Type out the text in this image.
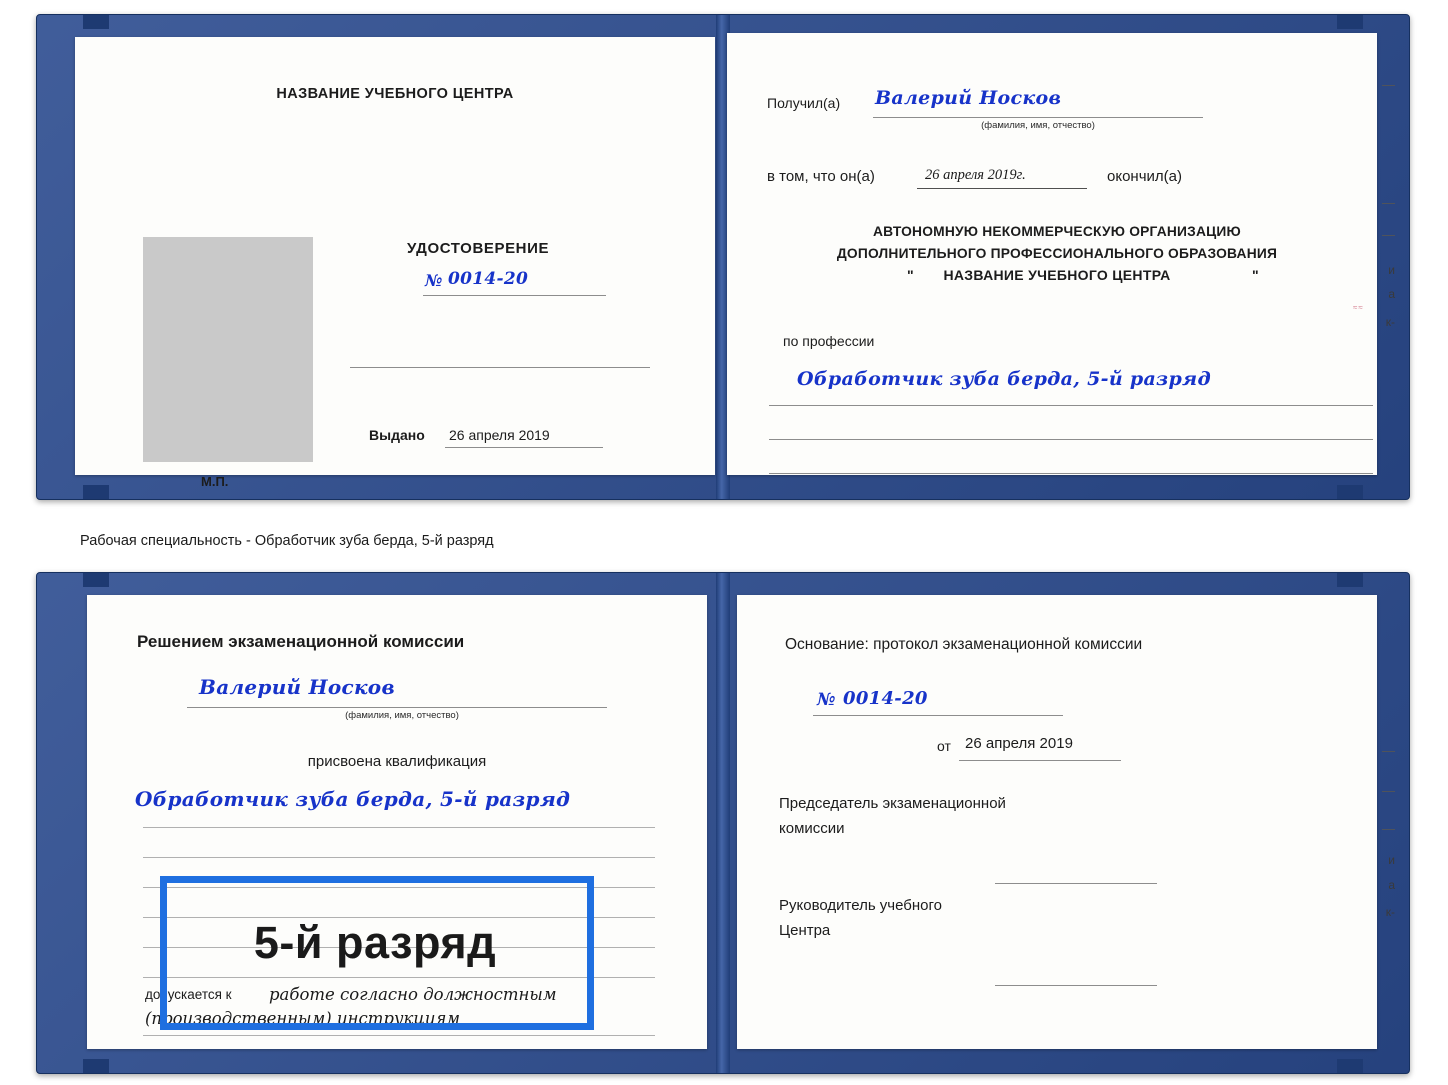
НАЗВАНИЕ УЧЕБНОГО ЦЕНТРА
УДОСТОВЕРЕНИЕ
№ 0014-20
Выдано 26 апреля 2019
М.П.
Получил(а) Валерий Носков
(фамилия, имя, отчество)
в том, что он(а)	26 апреля 2019г.	окончил(а)
АВТОНОМНУЮ НЕКОММЕРЧЕСКУЮ ОРГАНИЗАЦИЮ
ДОПОЛНИТЕЛЬНОГО ПРОФЕССИОНАЛЬНОГО ОБРАЗОВАНИЯ
"	НАЗВАНИЕ УЧЕБНОГО ЦЕНТРА	"
по профессии
Обработчик зуба берда, 5-й разряд
≈≈
—
—
—
и
а
к-
Рабочая специальность - Обработчик зуба берда, 5-й разряд
Решением экзаменационной комиссии
Валерий Носков
(фамилия, имя, отчество)
присвоена квалификация
Обработчик зуба берда, 5-й разряд
допускается к работе согласно должностным
(производственным) инструкциям
Основание: протокол экзаменационной комиссии
№ 0014-20
от 26 апреля 2019
Председатель экзаменационной
комиссии
Руководитель учебного
Центра
—
—
—
и
а
к-
5-й разряд
